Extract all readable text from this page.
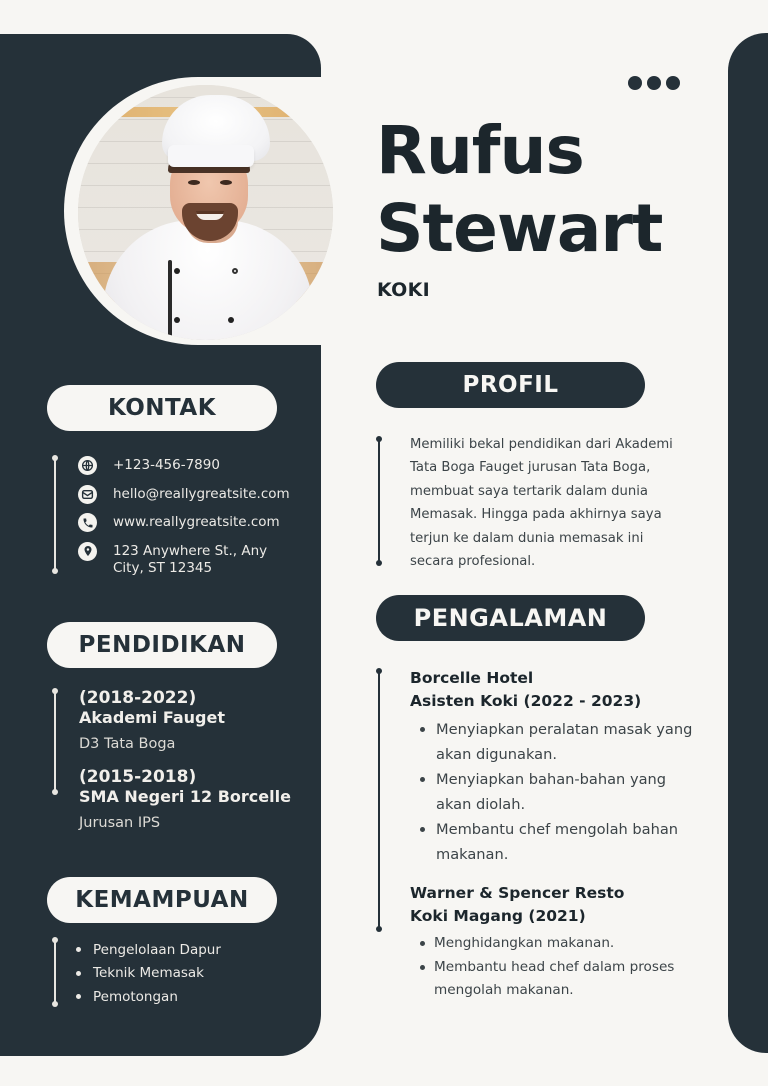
Rufus
Stewart
KOKI
KONTAK
+123-456-7890
hello@reallygreatsite.com
www.reallygreatsite.com
123 Anywhere St., Any City, ST 12345
PENDIDIKAN
(2018-2022)
Akademi Fauget
D3 Tata Boga
(2015-2018)
SMA Negeri 12 Borcelle
Jurusan IPS
KEMAMPUAN
Pengelolaan Dapur
Teknik Memasak
Pemotongan
PROFIL
Memiliki bekal pendidikan dari Akademi Tata Boga Fauget jurusan Tata Boga, membuat saya tertarik dalam dunia Memasak. Hingga pada akhirnya saya terjun ke dalam dunia memasak ini secara profesional.
PENGALAMAN
Borcelle Hotel
Asisten Koki (2022 - 2023)
Menyiapkan peralatan masak yang akan digunakan.
Menyiapkan bahan-bahan yang akan diolah.
Membantu chef mengolah bahan makanan.
Warner & Spencer Resto
Koki Magang (2021)
Menghidangkan makanan.
Membantu head chef dalam proses mengolah makanan.
